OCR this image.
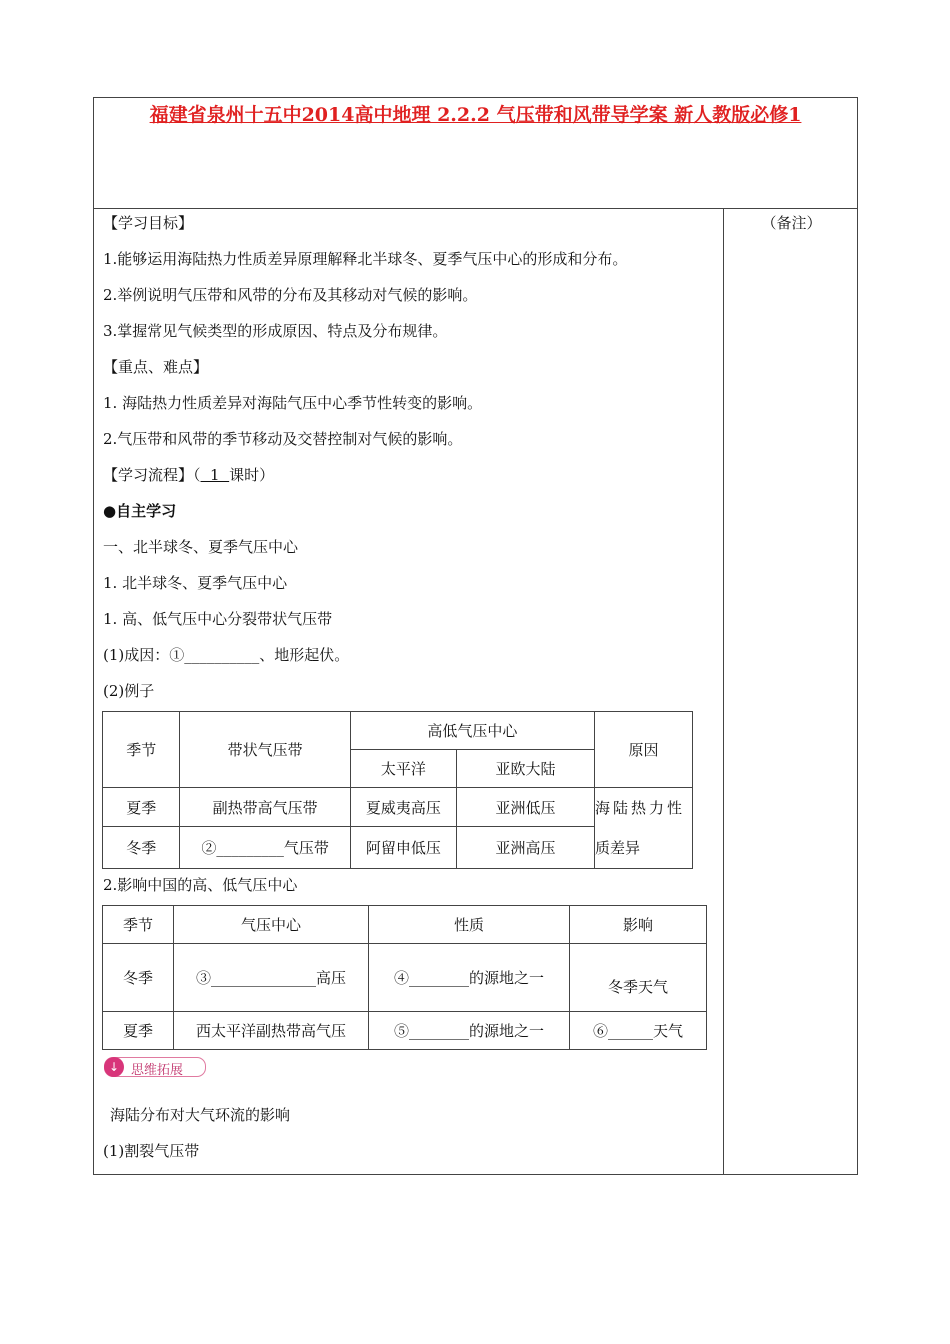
福建省泉州十五中2014高中地理 2.2.2 气压带和风带导学案 新人教版必修1
（备注）
【学习目标】
1.能够运用海陆热力性质差异原理解释北半球冬、夏季气压中心的形成和分布。
2.举例说明气压带和风带的分布及其移动对气候的影响。
3.掌握常见气候类型的形成原因、特点及分布规律。
【重点、难点】
1. 海陆热力性质差异对海陆气压中心季节性转变的影响。
2.气压带和风带的季节移动及交替控制对气候的影响。
【学习流程】（  1  课时）
●自主学习
一、北半球冬、夏季气压中心
1. 北半球冬、夏季气压中心
1. 高、低气压中心分裂带状气压带
(1)成因：①__________、地形起伏。
(2)例子
季节	带状气压带	高低气压中心		原因
		太平洋	亚欧大陆	
夏季	副热带高气压带	夏威夷高压	亚洲低压	海陆热力性
质差异
冬季	②_________气压带	阿留申低压	亚洲高压	
2.影响中国的高、低气压中心
季节	气压中心	性质	影响
冬季	③______________高压	④________的源地之一	冬季天气
夏季	西太平洋副热带高气压	⑤________的源地之一	⑥______天气
↓ 思维拓展
海陆分布对大气环流的影响
(1)割裂气压带
